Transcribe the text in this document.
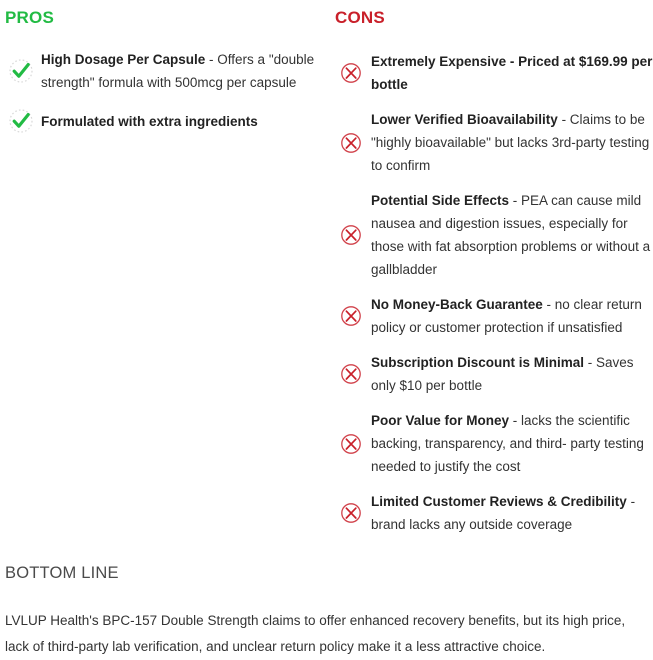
PROS
High Dosage Per Capsule - Offers a "double strength" formula with 500mcg per capsule
Formulated with extra ingredients
CONS
Extremely Expensive - Priced at $169.99 per bottle
Lower Verified Bioavailability - Claims to be "highly bioavailable" but lacks 3rd-party testing to confirm
Potential Side Effects - PEA can cause mild nausea and digestion issues, especially for those with fat absorption problems or without a gallbladder
No Money-Back Guarantee - no clear return policy or customer protection if unsatisfied
Subscription Discount is Minimal - Saves only $10 per bottle
Poor Value for Money - lacks the scientific backing, transparency, and third- party testing needed to justify the cost
Limited Customer Reviews & Credibility - brand lacks any outside coverage
BOTTOM LINE

LVLUP Health's BPC-157 Double Strength claims to offer enhanced recovery benefits, but its high price, lack of third-party lab verification, and unclear return policy make it a less attractive choice.
